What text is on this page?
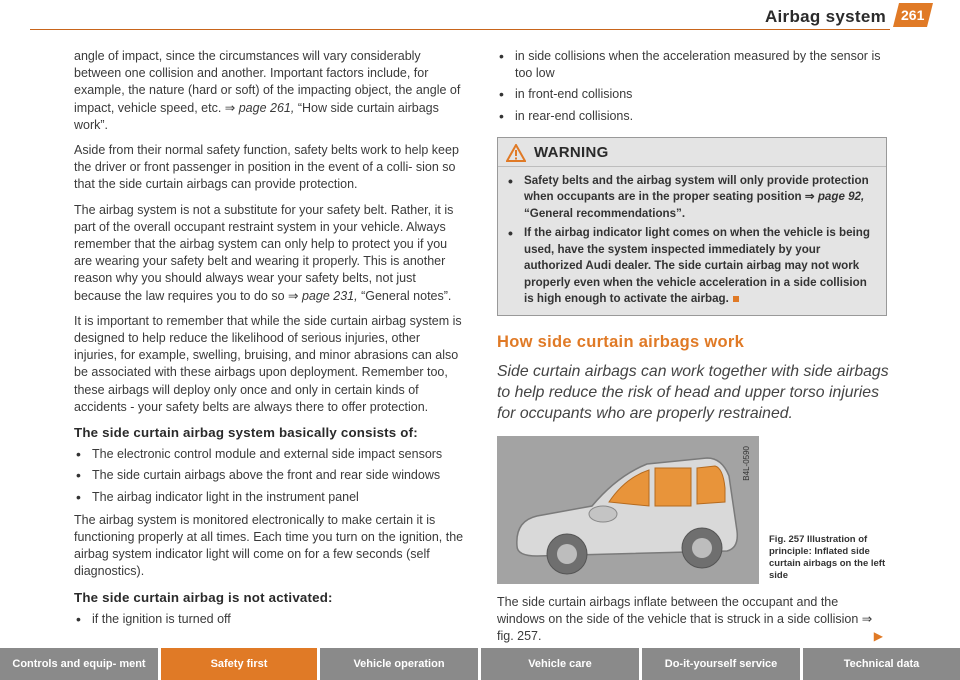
Airbag system	261

angle of impact, since the circumstances will vary considerably between one collision and another. Important factors include, for example, the nature (hard or soft) of the impacting object, the angle of impact, vehicle speed, etc. ⇒ page 261, “How side curtain airbags work”.

Aside from their normal safety function, safety belts work to help keep the driver or front passenger in position in the event of a colli- sion so that the side curtain airbags can provide protection.

The airbag system is not a substitute for your safety belt. Rather, it is part of the overall occupant restraint system in your vehicle. Always remember that the airbag system can only help to protect you if you are wearing your safety belt and wearing it properly. This is another reason why you should always wear your safety belts, not just because the law requires you to do so ⇒ page 231, “General notes”.

It is important to remember that while the side curtain airbag system is designed to help reduce the likelihood of serious injuries, other injuries, for example, swelling, bruising, and minor abrasions can also be associated with these airbags upon deployment. Remember too, these airbags will deploy only once and only in certain kinds of accidents - your safety belts are always there to offer protection.

The side curtain airbag system basically consists of:
• The electronic control module and external side impact sensors
• The side curtain airbags above the front and rear side windows
• The airbag indicator light in the instrument panel

The airbag system is monitored electronically to make certain it is functioning properly at all times. Each time you turn on the ignition, the airbag system indicator light will come on for a few seconds (self diagnostics).

The side curtain airbag is not activated:
• if the ignition is turned off
• in side collisions when the acceleration measured by the sensor is too low
• in front-end collisions
• in rear-end collisions.
WARNING
• Safety belts and the airbag system will only provide protection when occupants are in the proper seating position ⇒ page 92, “General recommendations”.
• If the airbag indicator light comes on when the vehicle is being used, have the system inspected immediately by your authorized Audi dealer. The side curtain airbag may not work properly even when the vehicle acceleration in a side collision is high enough to activate the airbag.
How side curtain airbags work
Side curtain airbags can work together with side airbags to help reduce the risk of head and upper torso injuries for occupants who are properly restrained.
B4L-0590
Fig. 257 Illustration of principle: Inflated side curtain airbags on the left side

The side curtain airbags inflate between the occupant and the windows on the side of the vehicle that is struck in a side collision ⇒ fig. 257.	▶

Controls and equip- ment	Safety first	Vehicle operation	Vehicle care	Do-it-yourself service	Technical data
